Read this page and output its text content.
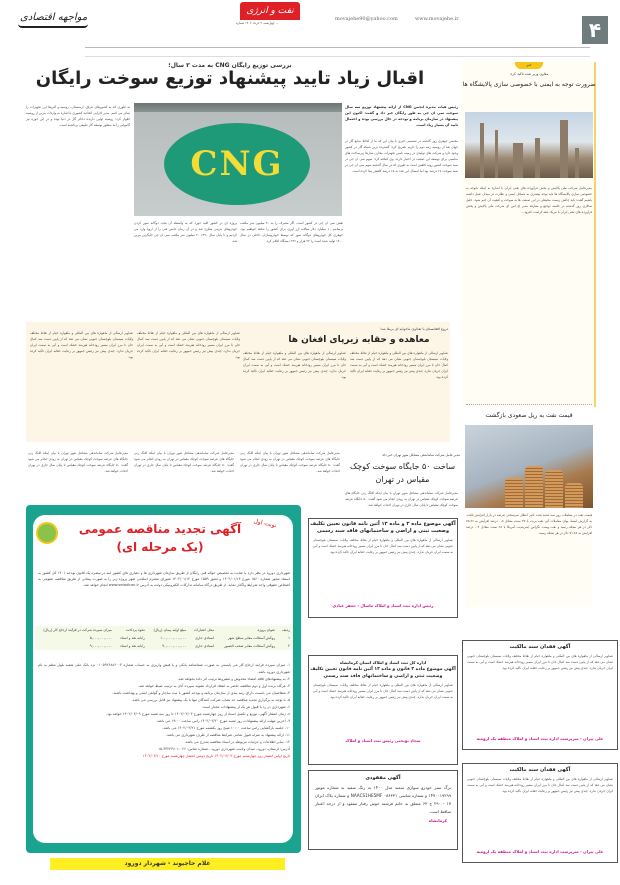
مواجهه اقتصادی
نفت و انرژی
چهارشنبه ۲ خرداد ۱۴۰۲ شماره ...
movajehe90@yahoo.com	www.movajehe.ir	۴
بررسی توزیع رایگان CNG به مدت ۳ سال؛
اقبال زیاد تایید پیشنهاد توزیع سوخت رایگان
CNG
رئیس هیات مدیره انجمن CNG از ارائه پیشنهاد توزیع سه سال سوخت سی ان جی به طور رایگان خبر داد و گفت: اکنون این پیشنهاد در سازمان برنامه و بودجه در حال بررسی بوده و احتمال تایید آن بسیار زیاد است.
محسن جوهری روز گذشته در نشستی خبری با بیان این که ما از لحاظ منابع گاز در جهان بعد از روسیه رتبه دوم را داریم تصریح کرد: گسترده ترین شبکه گاز در کشور وجود دارد و شرکت های تولیدی در زمینه تامین تجهیزات مخازن سازها زیرساخت های مناسبی برای توسعه این صنعت در اختیار دارند. وی اضافه کرد: سهم سی ان جی در سبد سوخت کشور روبه کاهش است به طوری که در سال گذشته سهم سی ان جی در سبد سوخت ۱۷ درصد بود اما امسال این عدد به ۱۵ درصد کاهش پیدا کرده است.
نقش سی ان جی در کشور است. اگر مصرف را به ۴۰ میلیون متر مکعب برسانیم ۱۰ میلیارد دلار سالانه ارز آوری برای کشور را شاهد خواهیم بود. جوهری کل خودروهای دوگانه سوز که توسط خودروسازان داخلی در سال ۱۴۰۰ تولید شده است را ۲۲ هزار و ۲۹۶ دستگاه اعلام کرد.
پروژه ای در کشور کلید خورد که به واسطه آن بحث دوگانه سوز کردن خودروهای بنزینی مطرح شد و در آن زمان دانش فنی را از اروپا وارد می کردیم و تا پایان سال ۱۳۹۰ ۲۰ میلیون متر مکعب سی ان جی جایگزین بنزین شد.
به طوری که به کشورهای عراق، ارمنستان، روسیه و آفریقا این تجهیزات را صادر می کنیم. مدیر اجرایی اتحادیه کشوری با اشاره به واردات بنزین از روسیه اظهار کرد: روسیه اولین دارنده ذخائر گاز در دنیا بوده و در این حوزه نیز گامهایی را به منظور توسعه گاز طبیعی برداشته است.
خبر
معاون وزیر نفت تاکید کرد:
ضرورت توجه به ایمنی با خصوصی سازی پالایشگاه ها
مدیرعامل شرکت ملی پالایش و پخش فرآورده های نفتی ایران با اشاره به اینکه باتوجه به خصوصی سازی پالایشگاه ها باید توجه بیشتری به مسائل ایمنی و نظارت در میدان عمل داشته باشیم گفت: باید چالش زیست محیطی در این صنعت ها به سوخت و کیفیت آن ختم شود. جلیل سالاری روز گذشته در جلسه توجیع و معارفه مدیر اچ اس ای شرکت ملی پالایش و پخش فرآورده های نفتی ایران با تبریک دهه کرامت، افزود...
قیمت نفت به ریل صعودی بازگشت
قیمت نفت در معاملات روز سه شنبه تحت تاثیر انتظار سرسختی عرضه در بازار افزایش یافت. به گزارش ایسنا، بهای معاملات آتی نفت برنت با ۳۷ سنت معادل ۰.۵ درصد افزایش به ۷۵.۹۶ دلار در هر بشکه رسید و نفت وست تگزاس اینترمدیت آمریکا با ۲۸ سنت معادل ۰.۴ درصد افزایش به ۷۱.۸۷ دلار در هر بشکه رسید.
دروغ افغانستان با تعداوی ماجوابه ای برملا شد؛
معاهده و حقابه زیرپای افغان ها
تصاویر ارسالی از ماهواره های بین المللی و ماهواره خیام از نقاط مختلف ولایات سیستان بلوچستان جنوبی نشان می دهد که از پایین دست سد کمال خان تا مرز ایران مسیر رودخانه هیرمند خشک است و آبی به سمت ایران جریان ندارد. چندی پیش نیز رئیس جمهور بر رعایت حقابه ایران تاکید کرده بود.
تصاویر ارسالی از ماهواره های بین المللی و ماهواره خیام از نقاط مختلف ولایات سیستان بلوچستان جنوبی نشان می دهد که از پایین دست سد کمال خان تا مرز ایران مسیر رودخانه هیرمند خشک است و آبی به سمت ایران جریان ندارد. چندی پیش نیز رئیس جمهور بر رعایت حقابه ایران تاکید کرده بود.
تصاویر ارسالی از ماهواره های بین المللی و ماهواره خیام از نقاط مختلف ولایات سیستان بلوچستان جنوبی نشان می دهد که از پایین دست سد کمال خان تا مرز ایران مسیر رودخانه هیرمند خشک است و آبی به سمت ایران جریان ندارد. چندی پیش نیز رئیس جمهور بر رعایت حقابه ایران تاکید کرده بود.
تصاویر ارسالی از ماهواره های بین المللی و ماهواره خیام از نقاط مختلف ولایات سیستان بلوچستان جنوبی نشان می دهد که از پایین دست سد کمال خان تا مرز ایران مسیر رودخانه هیرمند خشک است و آبی به سمت ایران جریان ندارد. چندی پیش نیز رئیس جمهور بر رعایت حقابه ایران تاکید کرده بود.
مدیر عامل شرکت ساماندهی مشاغل شهر تهران خبر داد:
ساخت ۵۰ جایگاه سوخت کوچک مقیاس در تهران
مدیرعامل شرکت ساماندهی مشاغل شهر تهران با بیان اینکه کلنگ زنی جایگاه های عرضه سوخت کوچک مقیاس در تهران به زودی انجام می شود گفت: ۵۰ جایگاه عرضه سوخت کوچک مقیاس تا پایان سال جاری در تهران احداث خواهد شد.
مدیرعامل شرکت ساماندهی مشاغل شهر تهران با بیان اینکه کلنگ زنی جایگاه های عرضه سوخت کوچک مقیاس در تهران به زودی انجام می شود گفت: ۵۰ جایگاه عرضه سوخت کوچک مقیاس تا پایان سال جاری در تهران احداث خواهد شد.
مدیرعامل شرکت ساماندهی مشاغل شهر تهران با بیان اینکه کلنگ زنی جایگاه های عرضه سوخت کوچک مقیاس در تهران به زودی انجام می شود گفت: ۵۰ جایگاه عرضه سوخت کوچک مقیاس تا پایان سال جاری در تهران احداث خواهد شد.
مدیرعامل شرکت ساماندهی مشاغل شهر تهران با بیان اینکه کلنگ زنی جایگاه های عرضه سوخت کوچک مقیاس در تهران به زودی انجام می شود گفت: ۵۰ جایگاه عرضه سوخت کوچک مقیاس تا پایان سال جاری در تهران احداث خواهد شد.
نوبت اول
آگهی تجدید مناقصه عمومی
(یک مرحله ای)
شهرداری دورود در نظر دارد با عنایت به تخصیص حواله فنی رایگان از طریق سازمان شهرداری ها و دهیاری های کشور ابند در تبصره یک قانون بودجه ۱۴۰۱ کل کشور به استناد مجوز شماره ۱۵۶۰ مورخ ۱۴۰۲/۰۱/۱۳ و مجوز ۱۵۵۹ مورخ ۱۴۰۲/۰۱/۱۲ شورای محترم اسلامی شهر پروژه زیر را به صورت پیمانی از طریق مناقصه عمومی به اشخاص حقوقی واجد شرایط واگذار نماید. از طریق درگاه سامانه تدارکات الکترونیکی دولت به آدرس www.setadiran.ir انجام خواهد شد.
ردیف	عنوان پروژه	محل اعتبارات	مبلغ اولیه پیمان (ریال)	نحوه پرداخت	میزان سپرده شرکت در فرآیند ارجاع کار (ریال)
۱	روکش آسفالت معابر سطح شهر	اسنادی جاری	۱۰۰,۰۰۰,۰۰۰,۰۰۰	رایانه نقد و اسناد	۵,۰۰۰,۰۰۰,۰۰۰
۲	روکش آسفالت معابر صحب الصبور	اسنادی جاری	۹۰,۰۰۰,۰۰۰,۰۰۰	رایانه نقد و اسناد	۹,۰۰۰,۰۰۰,۰۰۰
۱- میزان سپرده فرایند ارجاع کار می بایستی به صورت ضمانتنامه بانکی و یا فیش واریزی به حساب شماره ۰۱۰۵۹۳۶۸۸۶۰۰۳ نزد بانک ملی شعبه بلوار معلم به نام شهرداری دورود باشد.
۲- به پیشنهادهای فاقد امضاء مخدوش و مشروط ترتیب اثر داده نخواهد شد.
۳- هرگاه برنده اول و دوم مناقصه حاضر به انعقاد قرارداد نشوند سپرده آنان به ترتیب ضبط خواهد شد.
۴- متقاضیان می بایست دارای رتبه بندی از سازمان برنامه و بودجه کشور با ثبت ساجار و گواهی ایمنی و بهداشت باشند.
۵- با توجه به برگزاری تجدید مناقصه حد نصاب شرکت کنندگان تنها با یک پیشنهاد نیز قابل بررسی می باشد.
۶- شهرداری در رد یا قبول هر یک از پیشنهادات مختار است.
۸- زمان انتشار آگهی، توزیع و تکمیل اسناد از روز چهارشنبه مورخ ۱۴۰۲/۰۳/۰۳ تا روز سه شنبه مورخ ۱۴۰۲/۰۳/۰۹ خواهد بود.
۹- آخرین مهلت ارائه پیشنهادات روز شنبه مورخ ۱۴۰۲/۰۳/۲۰ راس ساعت ۱۹:۰۰ می باشد.
۱۰- جلسه بازگشایی راس ساعت ۱۰:۰۰ صبح روز یکشنبه مورخ ۱۴۰۲/۰۳/۲۱ می باشد.
۱۱- ارائه پیشنهاد به منزله قبول تمامی شرایط مناقصه از طرف شهرداری می باشد.
۱۲- سایر اطلاعات و جزئیات مربوطه در اسناد مناقصه مندرج می باشد.
آدرس: لرستان، دورود، میدان ولایت، شهرداری دورود - شماره تماس: ۰۶۶-۴۳۲۲۳۸۰۱-۱۵
تاریخ اولین انتشار روز چهارشنبه مورخ ۱۴۰۲/۰۳/۰۳ تاریخ دومین انتشار چهارشنبه مورخ ۱۴۰۲/۰۳/۱۰
غلام حاجیوند - شهردار دورود
آگهی موضوع ماده ۳ و ماده ۱۳ آئین نامه قانون تعیین تکلیف وضعیت ثبتی و اراضی و ساختمانهای فاقد سند رسمی
تصاویر ارسالی از ماهواره های بین المللی و ماهواره خیام از نقاط مختلف ولایات سیستان بلوچستان جنوبی نشان می دهد که از پایین دست سد کمال خان تا مرز ایران مسیر رودخانه هیرمند خشک است و آبی به سمت ایران جریان ندارد. چندی پیش نیز رئیس جمهور بر رعایت حقابه ایران تاکید کرده بود.
رئیس اداره ثبت اسناد و املاک ماسال - جعفر عبادی
اداره کل ثبت اسناد و املاک استان کرمانشاه
آگهی موضوع ماده ۳ قانون و ماده ۱۳ آئین نامه قانون تعیین تکلیف وضعیت ثبتی و اراضی و ساختمانهای فاقد سند رسمی
تصاویر ارسالی از ماهواره های بین المللی و ماهواره خیام از نقاط مختلف ولایات سیستان بلوچستان جنوبی نشان می دهد که از پایین دست سد کمال خان تا مرز ایران مسیر رودخانه هیرمند خشک است و آبی به سمت ایران جریان ندارد. چندی پیش نیز رئیس جمهور بر رعایت حقابه ایران تاکید کرده بود.
سجاد نوبختی رئیس ثبت اسناد و املاک
آگهی مفقودی
برگ سبز خودرو سواری سمند مدل ۱۴۰۰ به رنگ سفید به شماره موتور ۱۴۷۰۰۱۹۲۹۹ و شماره شاسی NAACS1HE5MF ۰۸۶۳۳۱ و شماره پلاک ایران ۱۷ - ۲۹۰ ج ۶۳ متعلق به خانم فرشته خوش رفتار مفقود و از درجه اعتبار ساقط است.
کرمانشاه
آگهی فقدان سند مالکیت
تصاویر ارسالی از ماهواره های بین المللی و ماهواره خیام از نقاط مختلف ولایات سیستان بلوچستان جنوبی نشان می دهد که از پایین دست سد کمال خان تا مرز ایران مسیر رودخانه هیرمند خشک است و آبی به سمت ایران جریان ندارد. چندی پیش نیز رئیس جمهور بر رعایت حقابه ایران تاکید کرده بود.
علی پیران - سرپرست اداره ثبت اسناد و املاک منطقه یک ارومیه
آگهی فقدان سند مالکیت
تصاویر ارسالی از ماهواره های بین المللی و ماهواره خیام از نقاط مختلف ولایات سیستان بلوچستان جنوبی نشان می دهد که از پایین دست سد کمال خان تا مرز ایران مسیر رودخانه هیرمند خشک است و آبی به سمت ایران جریان ندارد. چندی پیش نیز رئیس جمهور بر رعایت حقابه ایران تاکید کرده بود.
علی پیران - سرپرست اداره ثبت اسناد و املاک منطقه یک ارومیه
